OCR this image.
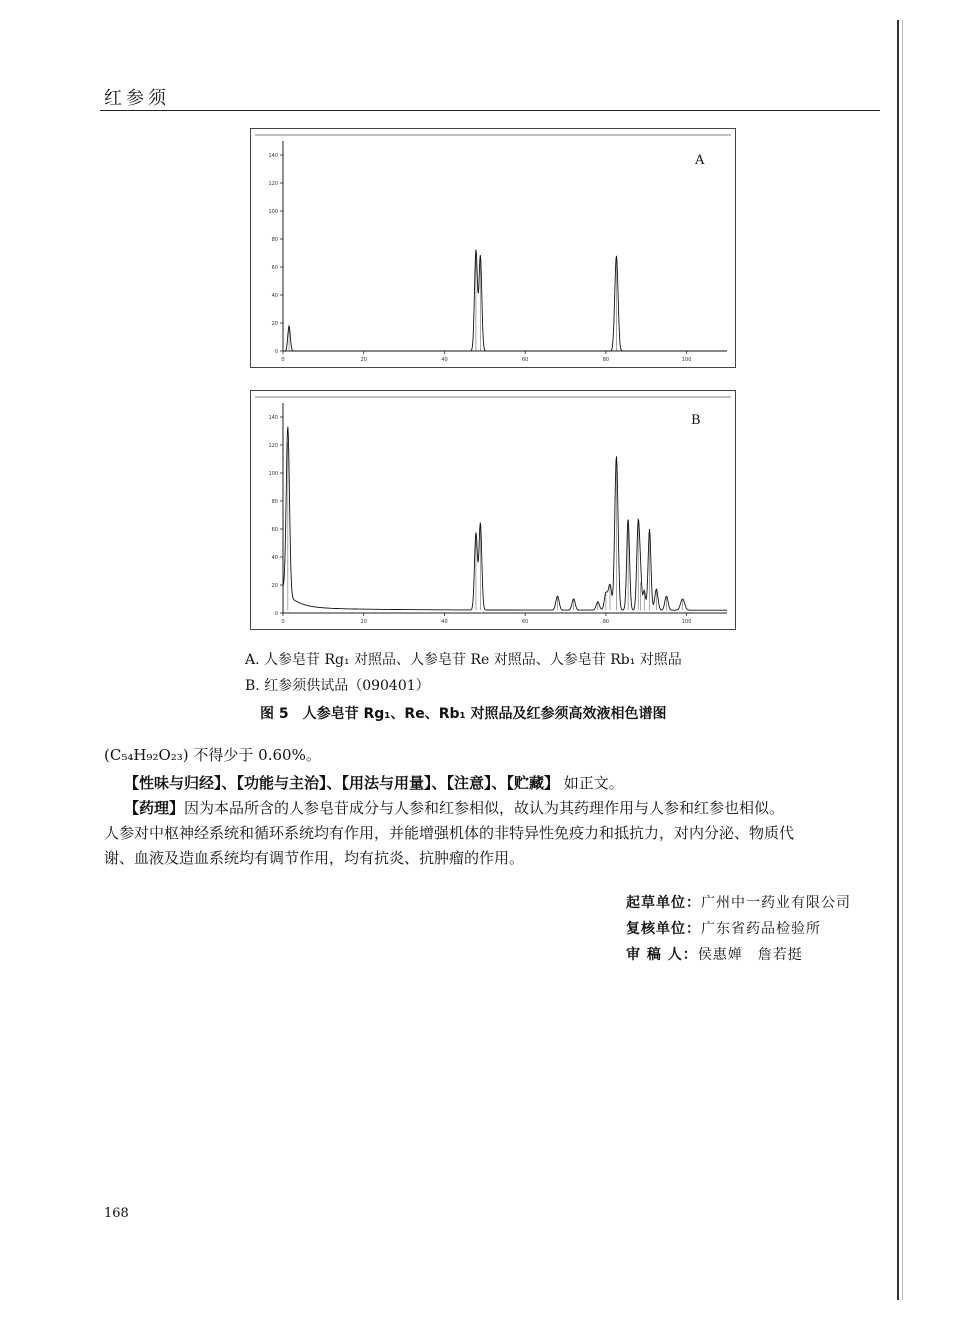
红参须
0
20
40
60
80
100
120
140
0	20	40	60	80	100
A
0
20
40
60
80
100
120
140
0	20	40	60	80	100
B
A. 人参皂苷 Rg₁ 对照品、人参皂苷 Re 对照品、人参皂苷 Rb₁ 对照品
B. 红参须供试品（090401）
图 5　人参皂苷 Rg₁、Re、Rb₁ 对照品及红参须高效液相色谱图
(C₅₄H₉₂O₂₃) 不得少于 0.60%。
【性味与归经】、【功能与主治】、【用法与用量】、【注意】、【贮藏】 如正文。
【药理】因为本品所含的人参皂苷成分与人参和红参相似，故认为其药理作用与人参和红参也相似。
人参对中枢神经系统和循环系统均有作用，并能增强机体的非特异性免疫力和抵抗力，对内分泌、物质代
谢、血液及造血系统均有调节作用，均有抗炎、抗肿瘤的作用。
起草单位：广州中一药业有限公司
复核单位：广东省药品检验所
审 稿 人：侯惠婵　詹若挺
168
